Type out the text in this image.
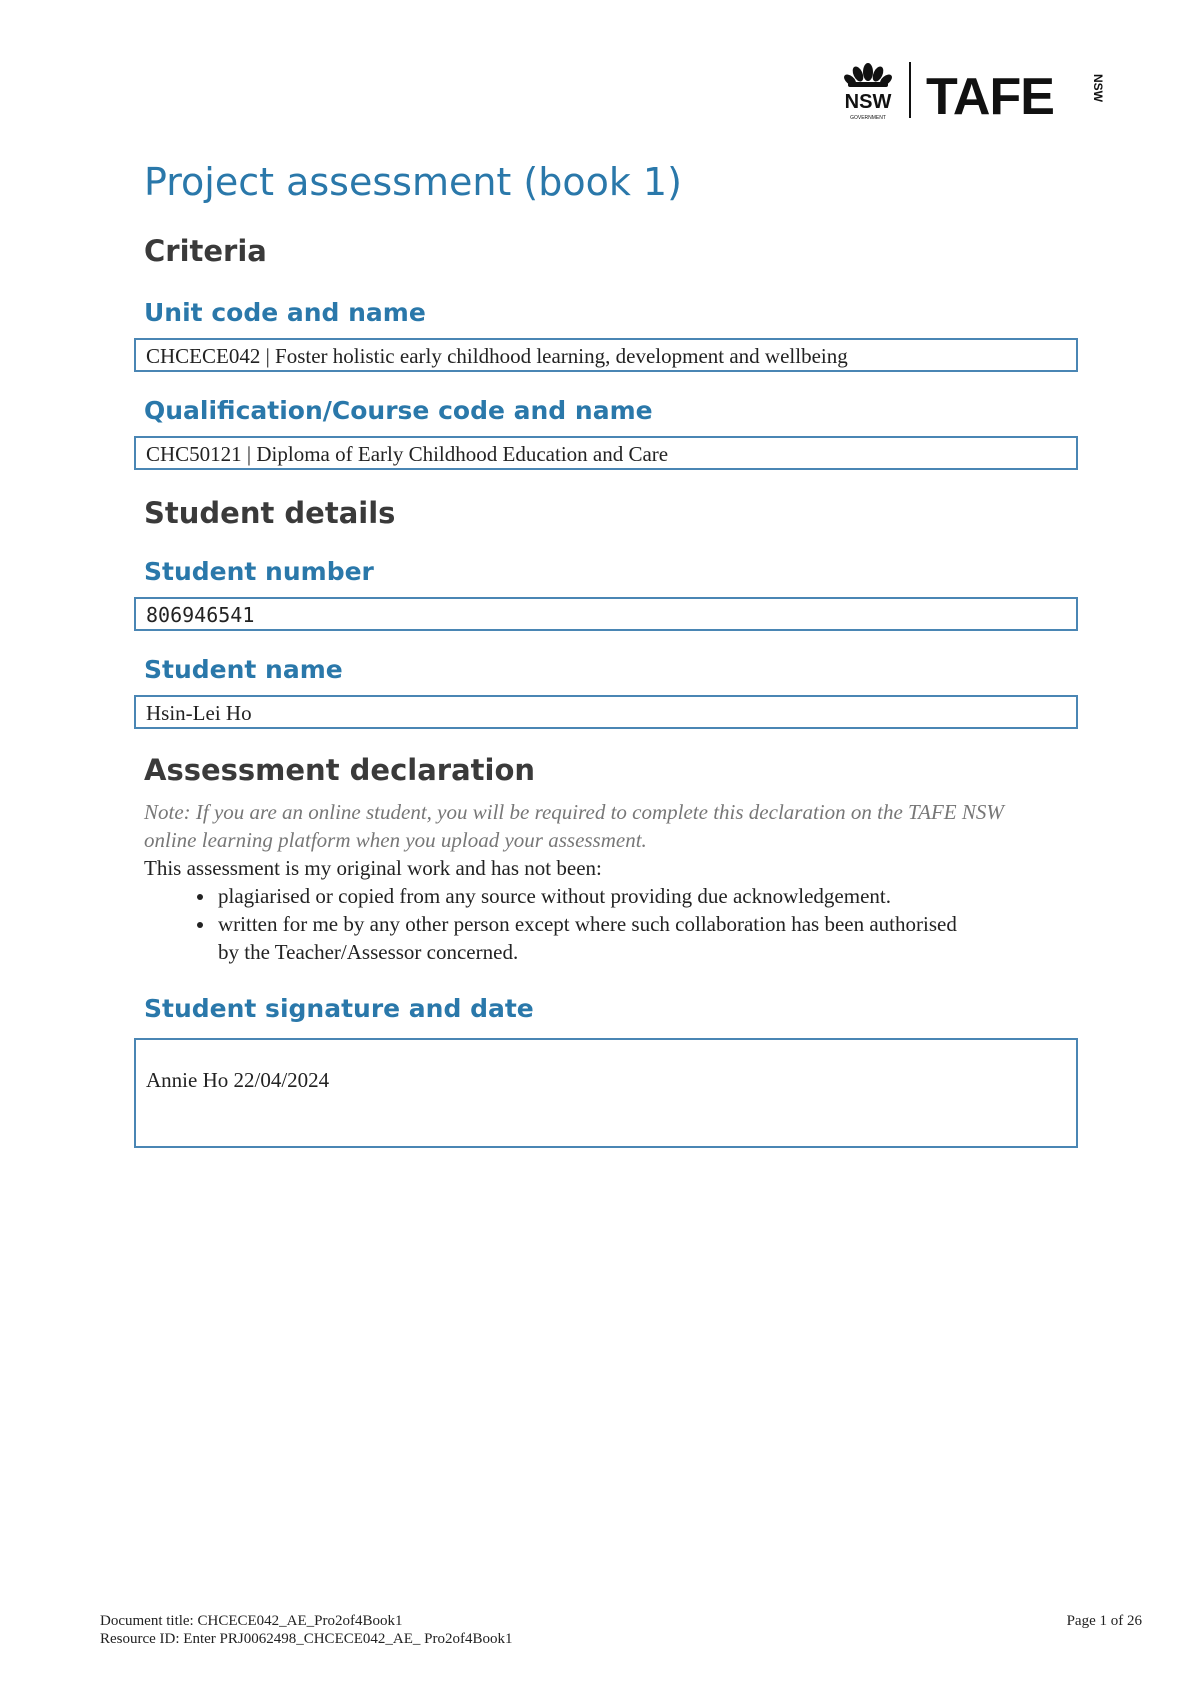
NSW
GOVERNMENT TAFE	NSW
Project assessment (book 1)
Criteria
Unit code and name
CHCECE042 | Foster holistic early childhood learning, development and wellbeing
Qualification/Course code and name
CHC50121 | Diploma of Early Childhood Education and Care
Student details
Student number
806946541
Student name
Hsin-Lei Ho
Assessment declaration

Note: If you are an online student, you will be required to complete this declaration on the TAFE NSW online learning platform when you upload your assessment.

This assessment is my original work and has not been:

• plagiarised or copied from any source without providing due acknowledgement.
• written for me by any other person except where such collaboration has been authorised by the Teacher/Assessor concerned.
Student signature and date
Annie Ho 22/04/2024
Document title: CHCECE042_AE_Pro2of4Book1
Resource ID: Enter PRJ0062498_CHCECE042_AE_ Pro2of4Book1
Page 1 of 26
